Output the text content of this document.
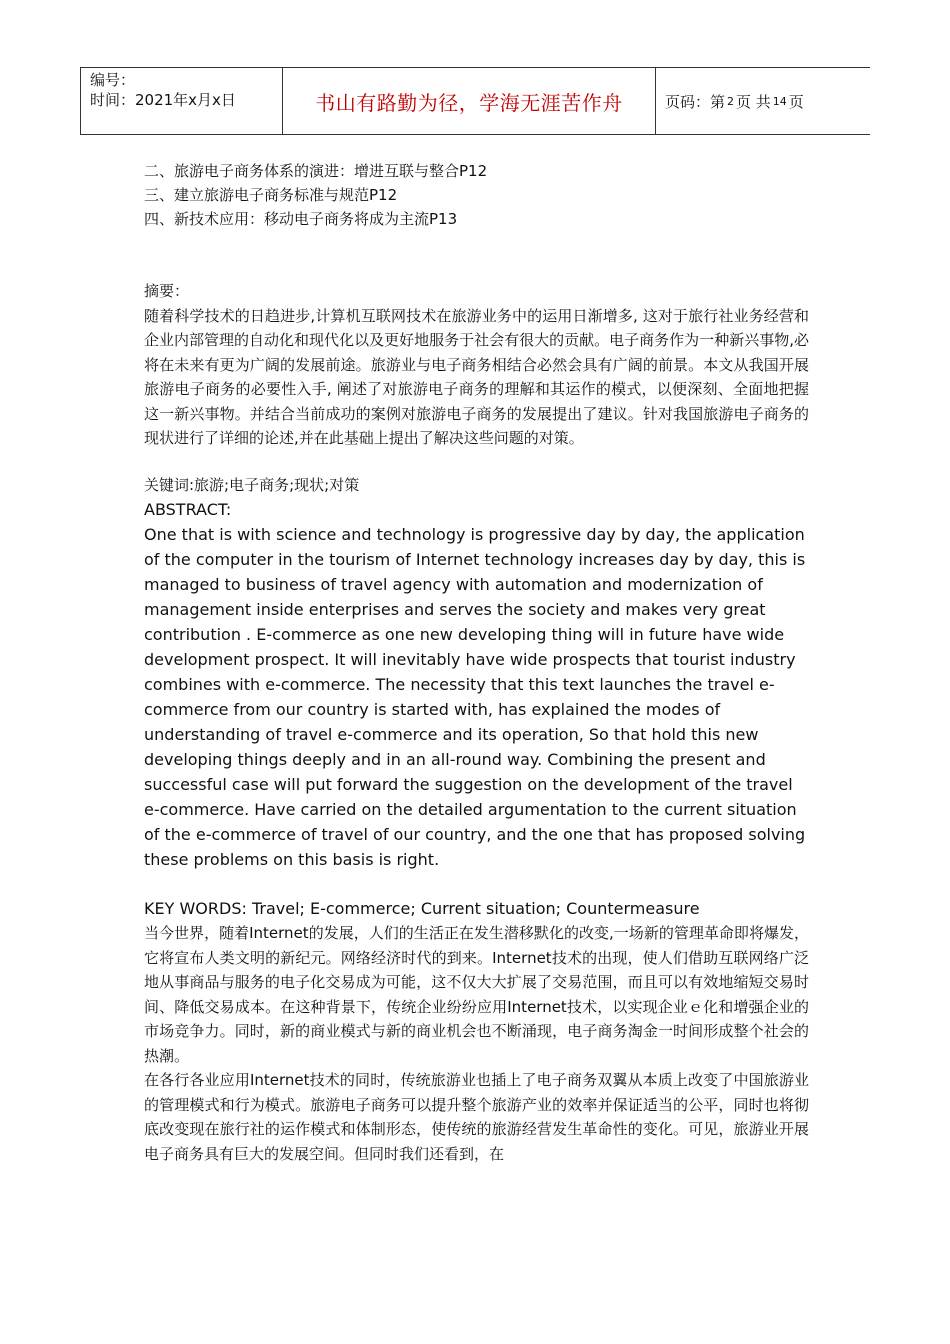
编号：
时间：2021年x月x日	书山有路勤为径，学海无涯苦作舟	页码：第 2 页 共 14 页
二、旅游电子商务体系的演进：增进互联与整合P12
三、建立旅游电子商务标准与规范P12
四、新技术应用：移动电子商务将成为主流P13
摘要：
随着科学技术的日趋进步,计算机互联网技术在旅游业务中的运用日渐增多, 这对于旅行社业务经营和企业内部管理的自动化和现代化以及更好地服务于社会有很大的贡献。电子商务作为一种新兴事物,必将在未来有更为广阔的发展前途。旅游业与电子商务相结合必然会具有广阔的前景。本文从我国开展旅游电子商务的必要性入手, 阐述了对旅游电子商务的理解和其运作的模式，以便深刻、全面地把握这一新兴事物。并结合当前成功的案例对旅游电子商务的发展提出了建议。针对我国旅游电子商务的现状进行了详细的论述,并在此基础上提出了解决这些问题的对策。
关键词:旅游;电子商务;现状;对策
ABSTRACT:
One that is with science and technology is progressive day by day, the application of the computer in the tourism of Internet technology increases day by day, this is managed to business of travel agency with automation and modernization of management inside enterprises and serves the society and makes very great contribution . E-commerce as one new developing thing will in future have wide development prospect. It will inevitably have wide prospects that tourist industry combines with e-commerce. The necessity that this text launches the travel e-commerce from our country is started with, has explained the modes of understanding of travel e-commerce and its operation, So that hold this new developing things deeply and in an all-round way. Combining the present and successful case will put forward the suggestion on the development of the travel e-commerce. Have carried on the detailed argumentation to the current situation of the e-commerce of travel of our country, and the one that has proposed solving these problems on this basis is right.
KEY WORDS: Travel; E-commerce; Current situation; Countermeasure
当今世界，随着Internet的发展，人们的生活正在发生潜移默化的改变,一场新的管理革命即将爆发，它将宣布人类文明的新纪元。网络经济时代的到来。Internet技术的出现，使人们借助互联网络广泛地从事商品与服务的电子化交易成为可能，这不仅大大扩展了交易范围，而且可以有效地缩短交易时间、降低交易成本。在这种背景下，传统企业纷纷应用Internet技术，以实现企业ｅ化和增强企业的市场竞争力。同时，新的商业模式与新的商业机会也不断涌现，电子商务淘金一时间形成整个社会的热潮。
在各行各业应用Internet技术的同时，传统旅游业也插上了电子商务双翼从本质上改变了中国旅游业的管理模式和行为模式。旅游电子商务可以提升整个旅游产业的效率并保证适当的公平，同时也将彻底改变现在旅行社的运作模式和体制形态，使传统的旅游经营发生革命性的变化。可见，旅游业开展电子商务具有巨大的发展空间。但同时我们还看到，在
